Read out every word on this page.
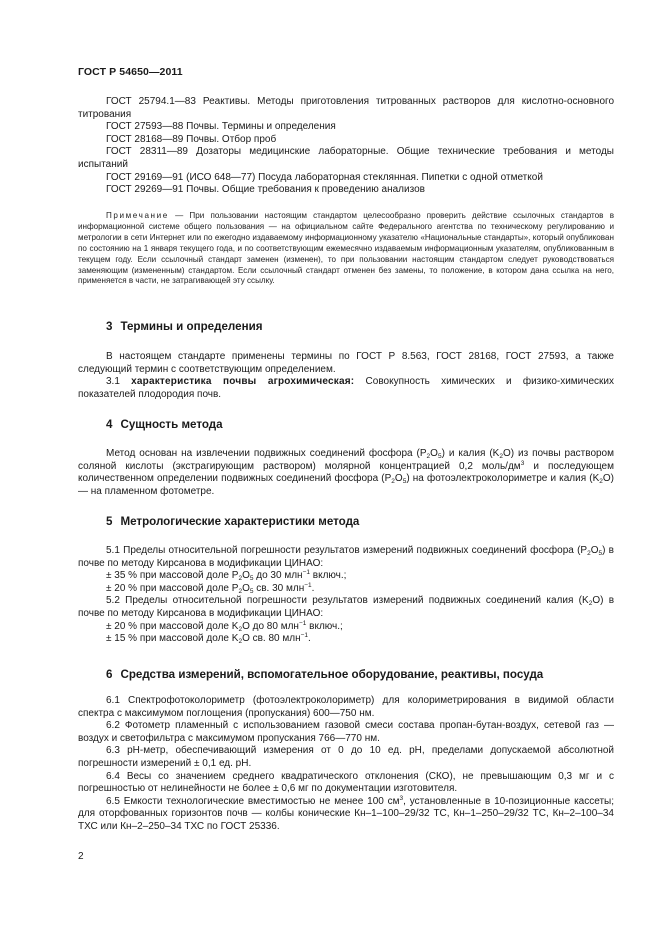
ГОСТ Р 54650—2011

ГОСТ 25794.1—83 Реактивы. Методы приготовления титрованных растворов для кислотно-основного титрования

ГОСТ 27593—88 Почвы. Термины и определения

ГОСТ 28168—89 Почвы. Отбор проб

ГОСТ 28311—89 Дозаторы медицинские лабораторные. Общие технические требования и методы испытаний

ГОСТ 29169—91 (ИСО 648—77) Посуда лабораторная стеклянная. Пипетки с одной отметкой

ГОСТ 29269—91 Почвы. Общие требования к проведению анализов

Примечание — При пользовании настоящим стандартом целесообразно проверить действие ссылочных стандартов в информационной системе общего пользования — на официальном сайте Федерального агентства по техническому регулированию и метрологии в сети Интернет или по ежегодно издаваемому информационному указателю «Национальные стандарты», который опубликован по состоянию на 1 января текущего года, и по соответствующим ежемесячно издаваемым информационным указателям, опубликованным в текущем году. Если ссылочный стандарт заменен (изменен), то при пользовании настоящим стандартом следует руководствоваться заменяющим (измененным) стандартом. Если ссылочный стандарт отменен без замены, то положение, в котором дана ссылка на него, применяется в части, не затрагивающей эту ссылку.

3 Термины и определения

В настоящем стандарте применены термины по ГОСТ Р 8.563, ГОСТ 28168, ГОСТ 27593, а также следующий термин с соответствующим определением.

3.1 характеристика почвы агрохимическая: Совокупность химических и физико-химических показателей плодородия почв.

4 Сущность метода

Метод основан на извлечении подвижных соединений фосфора $(P_2O_5)$ и калия $(K_2O)$ из почвы раствором соляной кислоты (экстрагирующим раствором) молярной концентрацией 0,2 моль/$дм^3$ и последующем количественном определении подвижных соединений фосфора $(P_2O_5)$ на фотоэлектроколориметре и калия $(K_2O)$ — на пламенном фотометре.

5 Метрологические характеристики метода

5.1 Пределы относительной погрешности результатов измерений подвижных соединений фосфора $(P_2O_5)$ в почве по методу Кирсанова в модификации ЦИНАО:

± 35 % при массовой доле $P_2O_5$ до 30 млн$^{-1}$ включ.;

± 20 % при массовой доле $P_2O_5$ св. 30 млн$^{-1}$.

5.2 Пределы относительной погрешности результатов измерений подвижных соединений калия $(K_2O)$ в почве по методу Кирсанова в модификации ЦИНАО:

± 20 % при массовой доле $K_2O$ до 80 млн$^{-1}$ включ.;

± 15 % при массовой доле $K_2O$ св. 80 млн$^{-1}$.

6 Средства измерений, вспомогательное оборудование, реактивы, посуда

6.1 Спектрофотоколориметр (фотоэлектроколориметр) для колориметрирования в видимой области спектра с максимумом поглощения (пропускания) 600—750 нм.

6.2 Фотометр пламенный с использованием газовой смеси состава пропан-бутан-воздух, сетевой газ — воздух и светофильтра с максимумом пропускания 766—770 нм.

6.3 pH-метр, обеспечивающий измерения от 0 до 10 ед. pH, пределами допускаемой абсолютной погрешности измерений ± 0,1 ед. pH.

6.4 Весы со значением среднего квадратического отклонения (СКО), не превышающим 0,3 мг и с погрешностью от нелинейности не более ± 0,6 мг по документации изготовителя.

6.5 Емкости технологические вместимостью не менее 100 $см^3$, установленные в 10-позиционные кассеты; для оторфованных горизонтов почв — колбы конические Кн–1–100–29/32 ТС, Кн–1–250–29/32 ТС, Кн–2–100–34 ТХС или Кн–2–250–34 ТХС по ГОСТ 25336.

2
